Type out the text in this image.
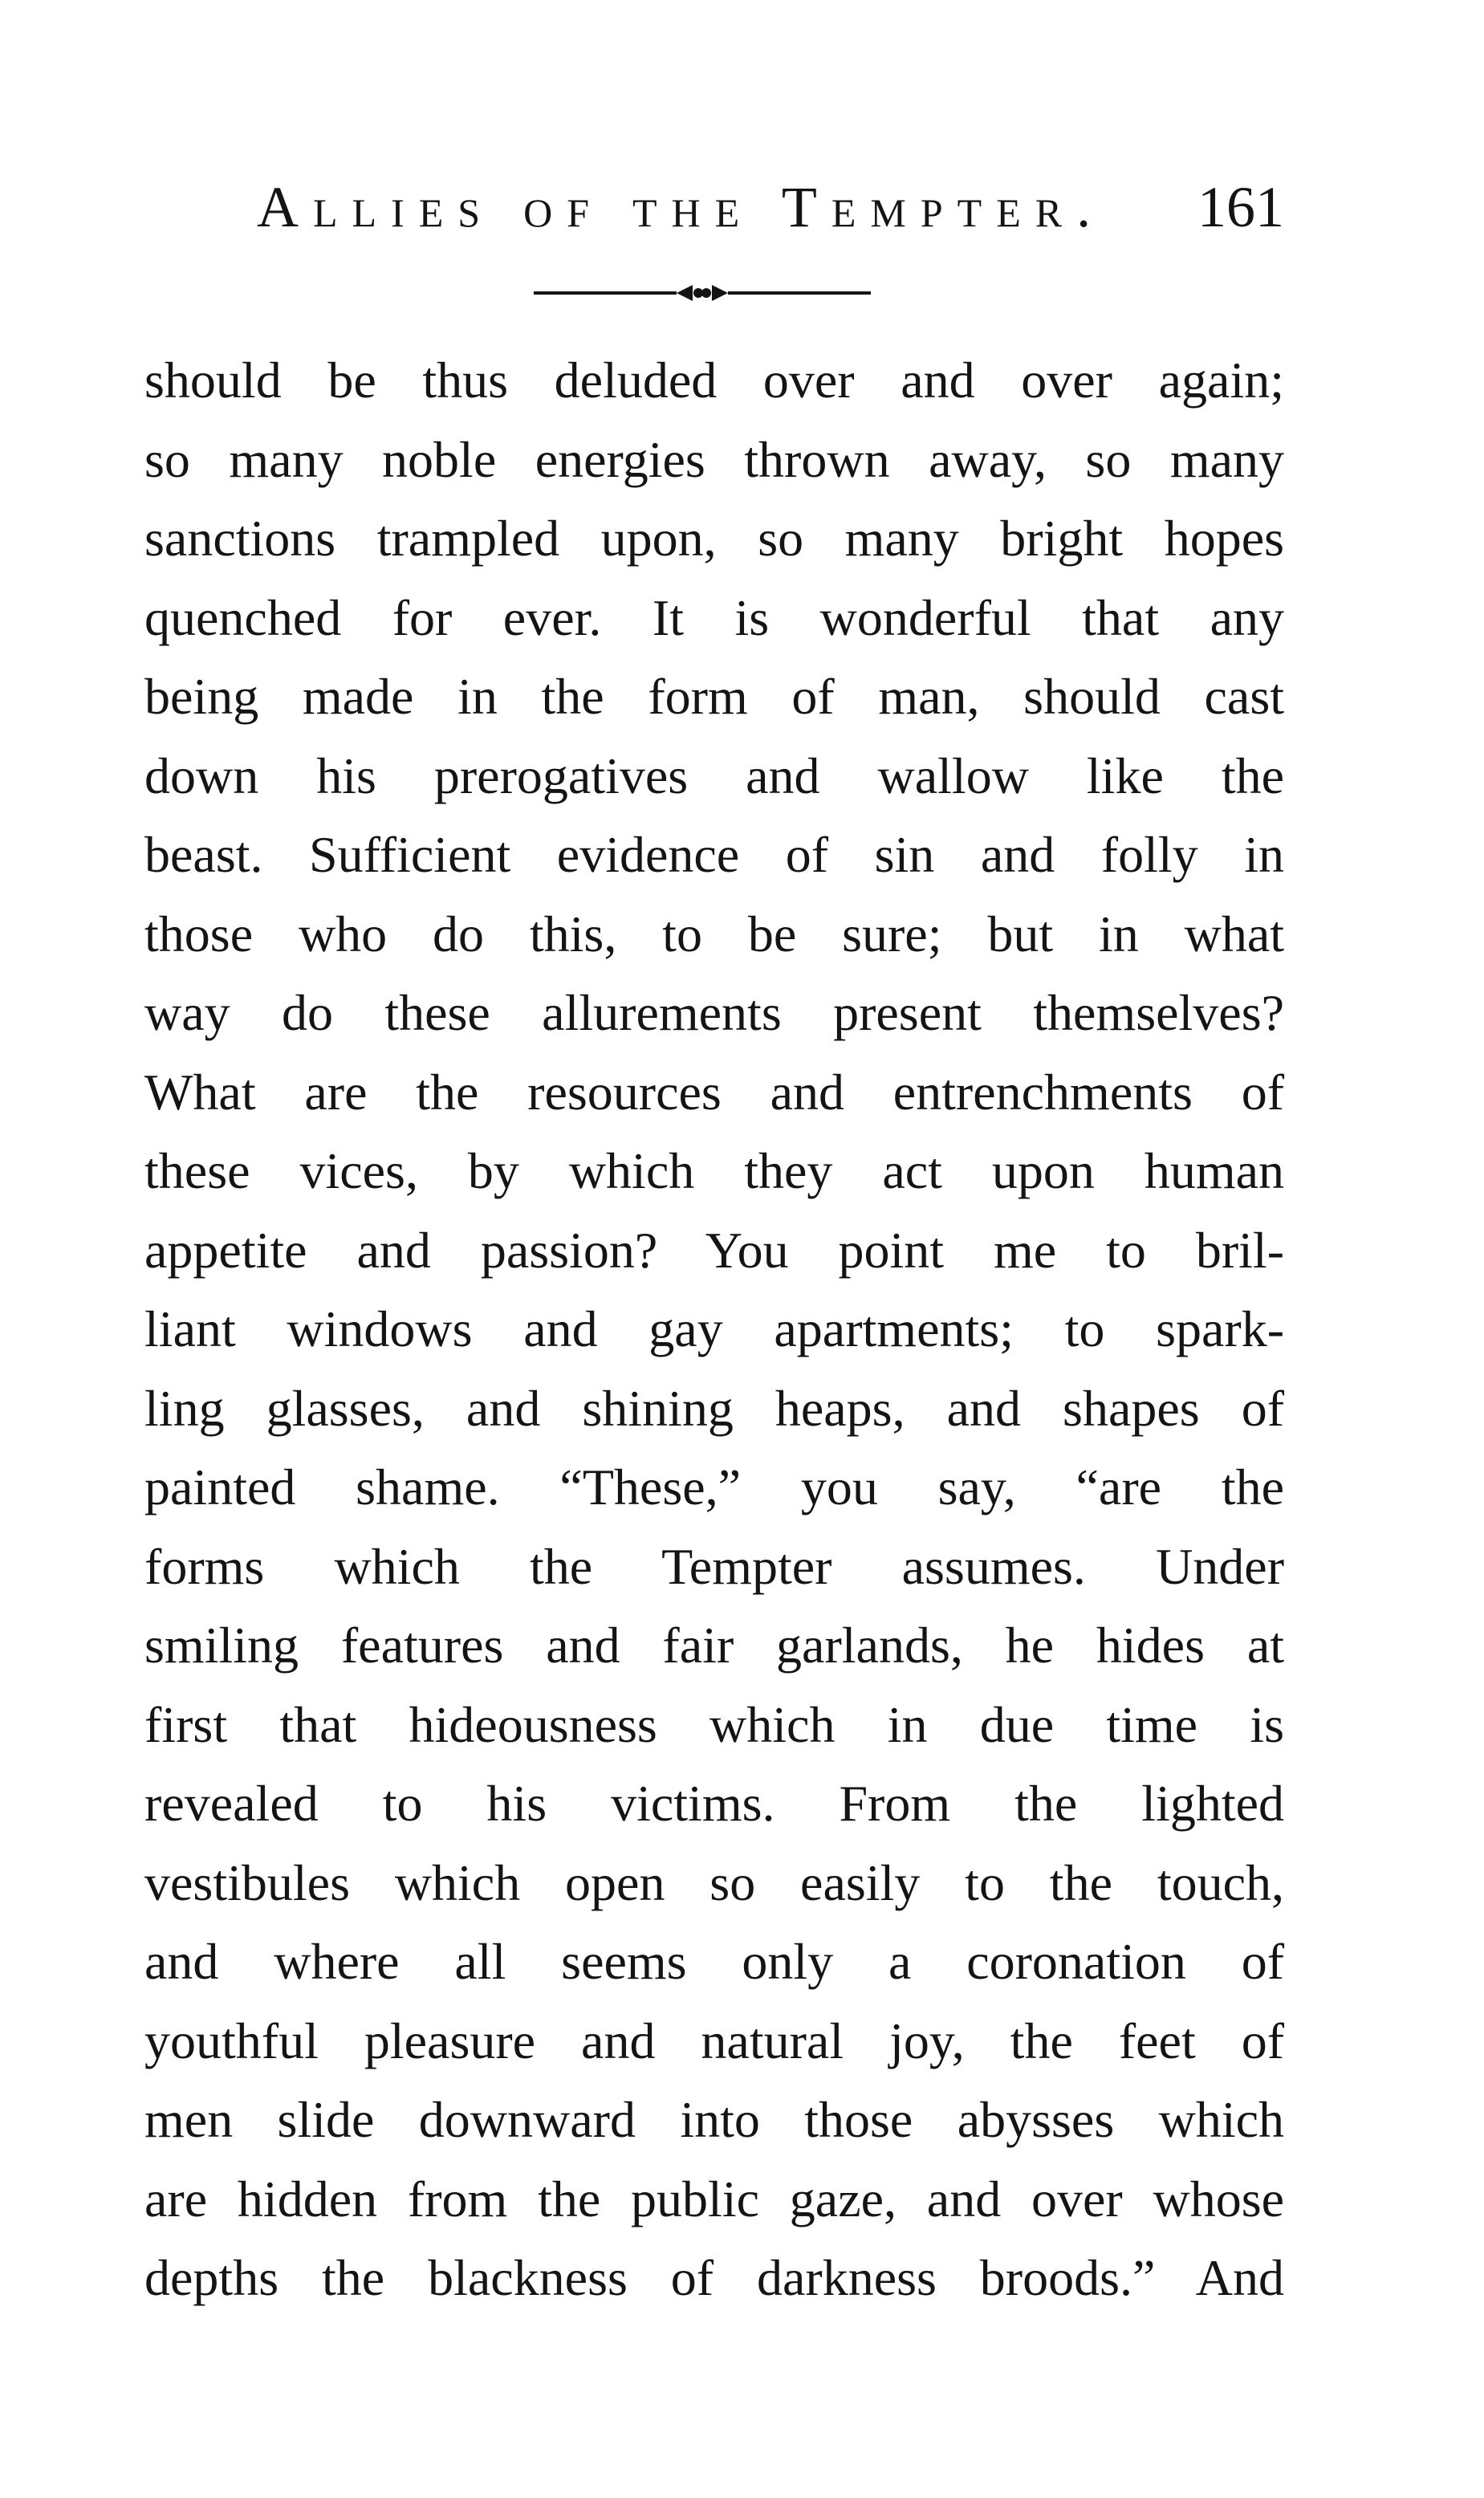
Allies of the Tempter. 161
should be thus deluded over and over again;
so many noble energies thrown away, so many
sanctions trampled upon, so many bright hopes
quenched for ever. It is wonderful that any
being made in the form of man, should cast
down his prerogatives and wallow like the
beast. Sufficient evidence of sin and folly in
those who do this, to be sure; but in what
way do these allurements present themselves?
What are the resources and entrenchments of
these vices, by which they act upon human
appetite and passion? You point me to bril-
liant windows and gay apartments; to spark-
ling glasses, and shining heaps, and shapes of
painted shame. “These,” you say, “are the
forms which the Tempter assumes. Under
smiling features and fair garlands, he hides at
first that hideousness which in due time is
revealed to his victims. From the lighted
vestibules which open so easily to the touch,
and where all seems only a coronation of
youthful pleasure and natural joy, the feet of
men slide downward into those abysses which
are hidden from the public gaze, and over whose
depths the blackness of darkness broods.” And
